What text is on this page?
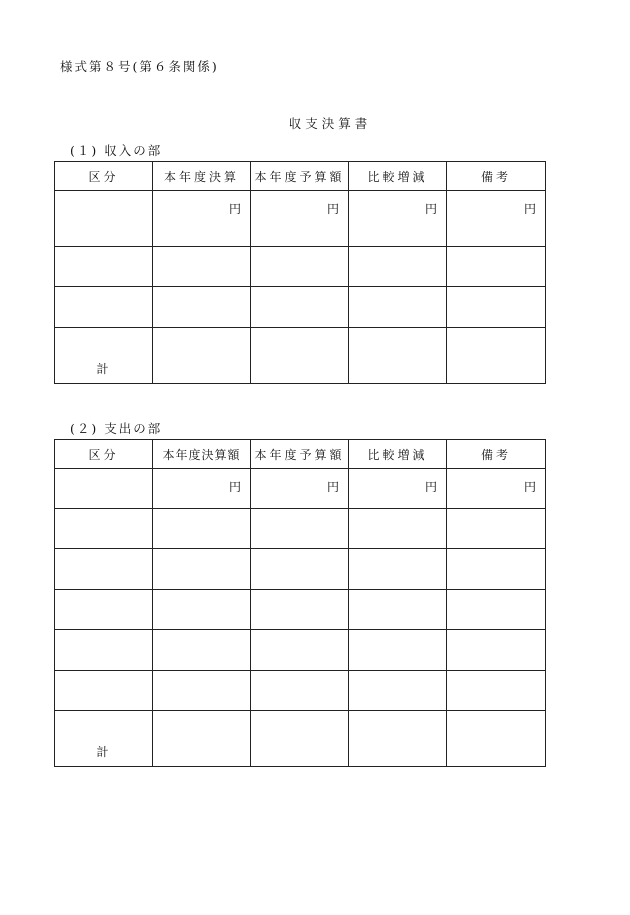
様式第８号(第６条関係)
収支決算書
(１) 収入の部
区分	本年度決算	本年度予算額	比較増減	備考
	円	円	円	円

計				
(２) 支出の部
区分	本年度決算額	本年度予算額	比較増減	備考
	円	円	円	円

計				
